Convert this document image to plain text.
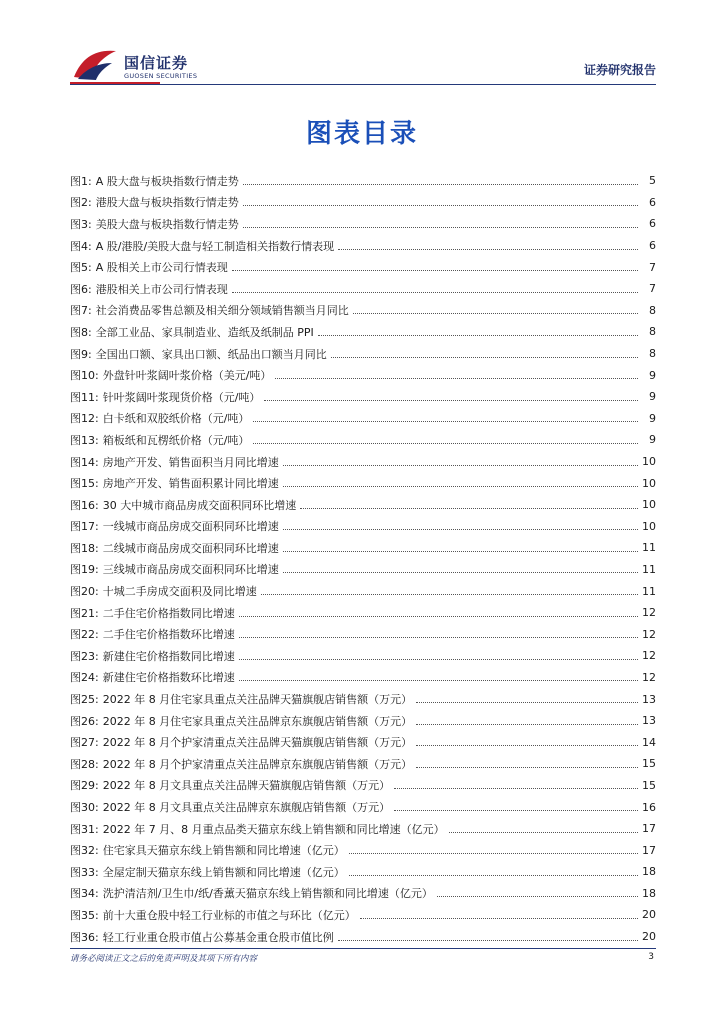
国信证券
GUOSEN SECURITIES	证券研究报告
图表目录
图1: A 股大盘与板块指数行情走势	5
图2: 港股大盘与板块指数行情走势	6
图3: 美股大盘与板块指数行情走势	6
图4: A 股/港股/美股大盘与轻工制造相关指数行情表现	6
图5: A 股相关上市公司行情表现	7
图6: 港股相关上市公司行情表现	7
图7: 社会消费品零售总额及相关细分领域销售额当月同比	8
图8: 全部工业品、家具制造业、造纸及纸制品 PPI	8
图9: 全国出口额、家具出口额、纸品出口额当月同比	8
图10: 外盘针叶浆阔叶浆价格（美元/吨）	9
图11: 针叶浆阔叶浆现货价格（元/吨）	9
图12: 白卡纸和双胶纸价格（元/吨）	9
图13: 箱板纸和瓦楞纸价格（元/吨）	9
图14: 房地产开发、销售面积当月同比增速	10
图15: 房地产开发、销售面积累计同比增速	10
图16: 30 大中城市商品房成交面积同环比增速	10
图17: 一线城市商品房成交面积同环比增速	10
图18: 二线城市商品房成交面积同环比增速	11
图19: 三线城市商品房成交面积同环比增速	11
图20: 十城二手房成交面积及同比增速	11
图21: 二手住宅价格指数同比增速	12
图22: 二手住宅价格指数环比增速	12
图23: 新建住宅价格指数同比增速	12
图24: 新建住宅价格指数环比增速	12
图25: 2022 年 8 月住宅家具重点关注品牌天猫旗舰店销售额（万元）	13
图26: 2022 年 8 月住宅家具重点关注品牌京东旗舰店销售额（万元）	13
图27: 2022 年 8 月个护家清重点关注品牌天猫旗舰店销售额（万元）	14
图28: 2022 年 8 月个护家清重点关注品牌京东旗舰店销售额（万元）	15
图29: 2022 年 8 月文具重点关注品牌天猫旗舰店销售额（万元）	15
图30: 2022 年 8 月文具重点关注品牌京东旗舰店销售额（万元）	16
图31: 2022 年 7 月、8 月重点品类天猫京东线上销售额和同比增速（亿元）	17
图32: 住宅家具天猫京东线上销售额和同比增速（亿元）	17
图33: 全屋定制天猫京东线上销售额和同比增速（亿元）	18
图34: 洗护清洁剂/卫生巾/纸/香薰天猫京东线上销售额和同比增速（亿元）	18
图35: 前十大重仓股中轻工行业标的市值之与环比（亿元）	20
图36: 轻工行业重仓股市值占公募基金重仓股市值比例	20
请务必阅读正文之后的免责声明及其项下所有内容	3
